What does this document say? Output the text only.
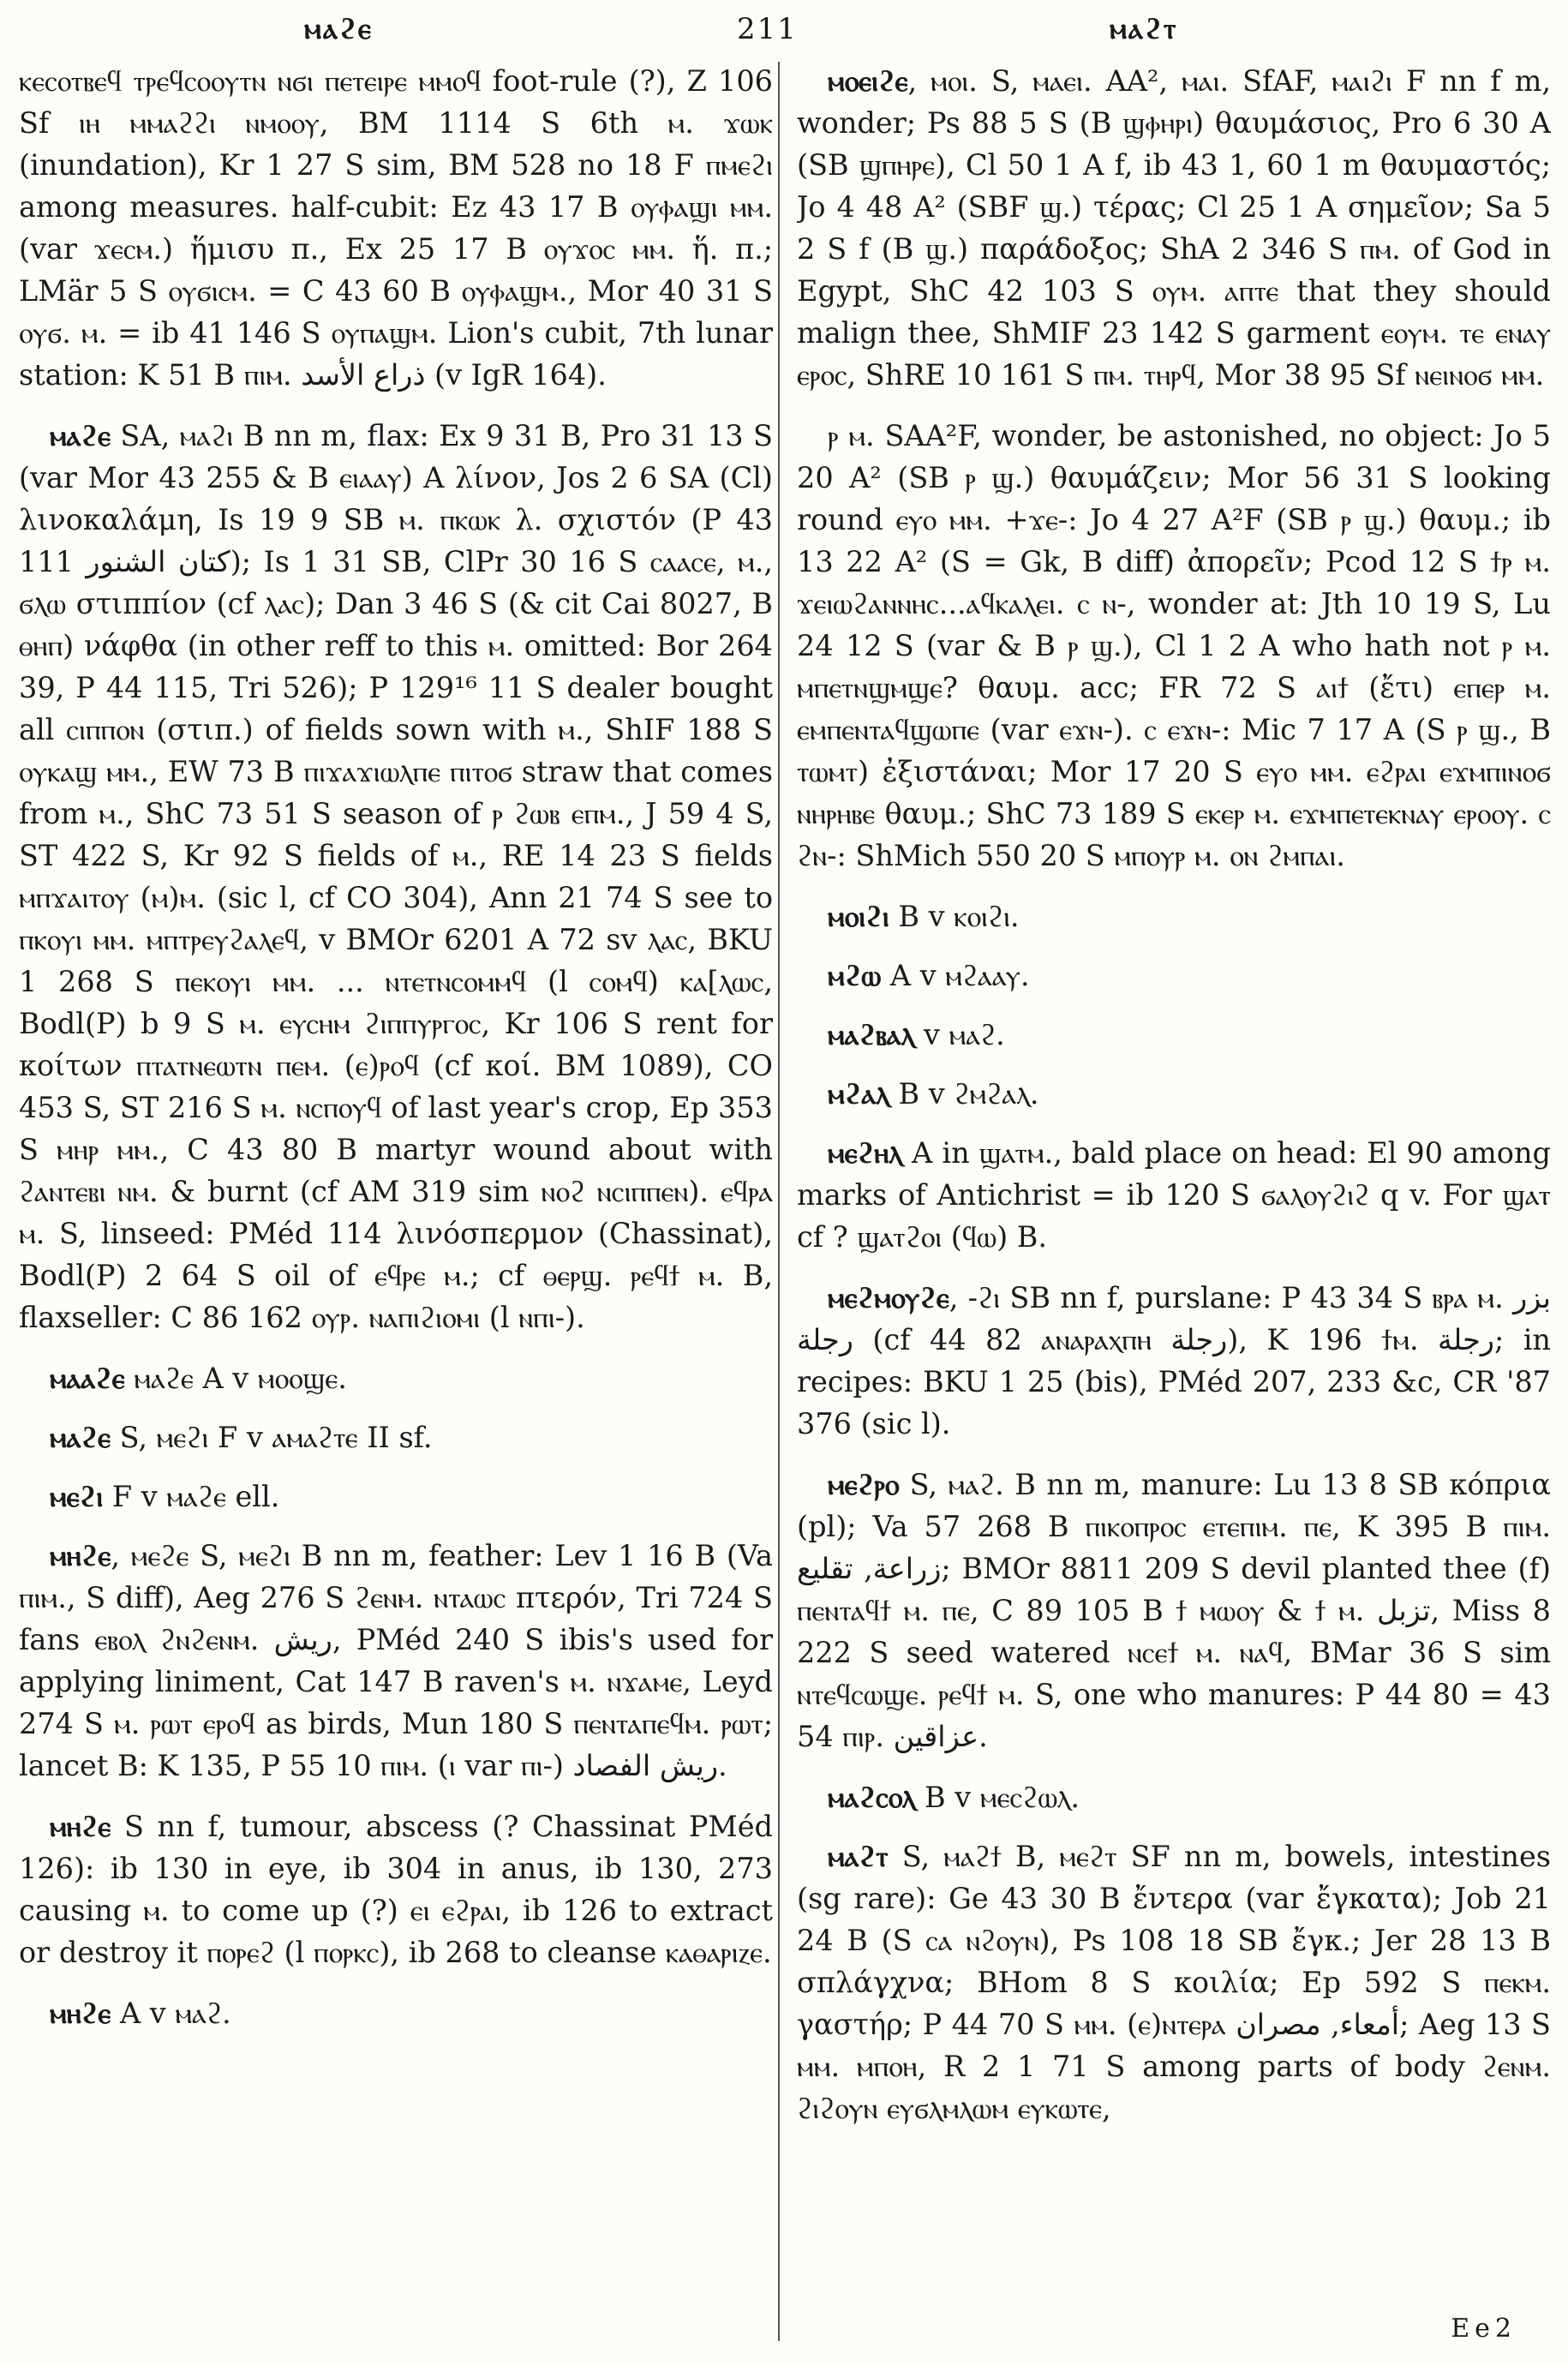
ⲙⲁϩⲉ	211	ⲙⲁϩⲧ

ⲕⲉⲥⲟⲧⲃⲉϥ ⲧⲣⲉϥⲥⲟⲟⲩⲧⲛ ⲛϭⲓ ⲡⲉⲧⲉⲓⲣⲉ ⲙⲙⲟϥ foot-rule (?), Z 106 Sf ⲓⲏ ⲙⲙⲁϩϩⲓ ⲛⲙⲟⲟⲩ, BM 1114 S 6th ⲙ. ϫⲱⲕ (inundation), Kr 1 27 S sim, BM 528 no 18 F ⲡⲙⲉϩⲓ among measures. half-cubit: Ez 43 17 B ⲟⲩⲫⲁϣⲓ ⲙⲙ. (var ϫⲉⲥⲙ.) ἥμισυ π., Ex 25 17 B ⲟⲩϫⲟⲥ ⲙⲙ. ἥ. π.; LMär 5 S ⲟⲩϭⲓⲥⲙ. = C 43 60 B ⲟⲩⲫⲁϣⲙ., Mor 40 31 S ⲟⲩϭ. ⲙ. = ib 41 146 S ⲟⲩⲡⲁϣⲙ. Lion's cubit, 7th lunar station: K 51 B ⲡⲓⲙ. ذراع الأسد (v IgR 164).

ⲙⲁϩⲉ SA, ⲙⲁϩⲓ B nn m, flax: Ex 9 31 B, Pro 31 13 S (var Mor 43 255 & B ⲉⲓⲁⲁⲩ) A λίνον, Jos 2 6 SA (Cl) λινοκαλάμη, Is 19 9 SB ⲙ. ⲡⲕⲱⲕ λ. σχιστόν (P 43 111 كتان الشنور); Is 1 31 SB, ClPr 30 16 S ⲥⲁⲁⲥⲉ, ⲙ., ϭⲗⲱ στιππίον (cf ⲗⲁⲥ); Dan 3 46 S (& cit Cai 8027, B ⲑⲏⲡ) νάφθα (in other reff to this ⲙ. omitted: Bor 264 39, P 44 115, Tri 526); P 129¹⁶ 11 S dealer bought all ⲥⲓⲡⲡⲟⲛ (στιπ.) of fields sown with ⲙ., ShIF 188 S ⲟⲩⲕⲁϣ ⲙⲙ., EW 73 B ⲡⲓϫⲁϫⲓⲱⲗⲡⲉ ⲡⲓⲧⲟϭ straw that comes from ⲙ., ShC 73 51 S season of ⲣ ϩⲱⲃ ⲉⲡⲙ., J 59 4 S, ST 422 S, Kr 92 S fields of ⲙ., RE 14 23 S fields ⲙⲡϫⲁⲓⲧⲟⲩ (ⲙ)ⲙ. (sic l, cf CO 304), Ann 21 74 S see to ⲡⲕⲟⲩⲓ ⲙⲙ. ⲙⲡⲧⲣⲉⲩϩⲁⲗⲉϥ, v BMOr 6201 A 72 sv ⲗⲁⲥ, BKU 1 268 S ⲡⲉⲕⲟⲩⲓ ⲙⲙ. ... ⲛⲧⲉⲧⲛⲥⲟⲙⲙϥ (l ⲥⲟⲙϥ) ⲕⲁ[ⲗⲱⲥ, Bodl(P) b 9 S ⲙ. ⲉⲩⲥⲏⲙ ϩⲓⲡⲡⲩⲣⲅⲟⲥ, Kr 106 S rent for κοίτων ⲡⲧⲁⲧⲛⲉⲱⲧⲛ ⲡⲉⲙ. (ⲉ)ⲣⲟϥ (cf κοί. BM 1089), CO 453 S, ST 216 S ⲙ. ⲛⲥⲡⲟⲩϥ of last year's crop, Ep 353 S ⲙⲏⲣ ⲙⲙ., C 43 80 B martyr wound about with ϩⲁⲛⲧⲉⲃⲓ ⲛⲙ. & burnt (cf AM 319 sim ⲛⲟϩ ⲛⲥⲓⲡⲡⲉⲛ). ⲉϥⲣⲁ ⲙ. S, linseed: PMéd 114 λινόσπερμον (Chassinat), Bodl(P) 2 64 S oil of ⲉϥⲣⲉ ⲙ.; cf ⲑⲉⲣϣ. ⲣⲉϥϯ ⲙ. B, flaxseller: C 86 162 ⲟⲩⲣ. ⲛⲁⲡⲓϩⲓⲟⲙⲓ (l ⲛⲡⲓ-).

ⲙⲁⲁϩⲉ ⲙⲁϩⲉ A v ⲙⲟⲟϣⲉ.

ⲙⲁϩⲉ S, ⲙⲉϩⲓ F v ⲁⲙⲁϩⲧⲉ II sf.

ⲙⲉϩⲓ F v ⲙⲁϩⲉ ell.

ⲙⲏϩⲉ, ⲙⲉϩⲉ S, ⲙⲉϩⲓ B nn m, feather: Lev 1 16 B (Va ⲡⲓⲙ., S diff), Aeg 276 S ϩⲉⲛⲙ. ⲛⲧⲁⲱⲥ πτερόν, Tri 724 S fans ⲉⲃⲟⲗ ϩⲛϩⲉⲛⲙ. ريش, PMéd 240 S ibis's used for applying liniment, Cat 147 B raven's ⲙ. ⲛϫⲁⲙⲉ, Leyd 274 S ⲙ. ⲣⲱⲧ ⲉⲣⲟϥ as birds, Mun 180 S ⲡⲉⲛⲧⲁⲡⲉϥⲙ. ⲣⲱⲧ; lancet B: K 135, P 55 10 ⲡⲓⲙ. (ⲓ var ⲡⲓ-) ريش الفصاد.

ⲙⲏϩⲉ S nn f, tumour, abscess (? Chassinat PMéd 126): ib 130 in eye, ib 304 in anus, ib 130, 273 causing ⲙ. to come up (?) ⲉⲓ ⲉϩⲣⲁⲓ, ib 126 to extract or destroy it ⲡⲟⲣⲉϩ (l ⲡⲟⲣⲕⲥ), ib 268 to cleanse ⲕⲁⲑⲁⲣⲓⲍⲉ.

ⲙⲏϩⲉ A v ⲙⲁϩ.

ⲙⲟⲉⲓϩⲉ, ⲙⲟⲓ. S, ⲙⲁⲉⲓ. AA², ⲙⲁⲓ. SfAF, ⲙⲁⲓϩⲓ F nn f m, wonder; Ps 88 5 S (B ϣⲫⲏⲣⲓ) θαυμάσιος, Pro 6 30 A (SB ϣⲡⲏⲣⲉ), Cl 50 1 A f, ib 43 1, 60 1 m θαυμαστός; Jo 4 48 A² (SBF ϣ.) τέρας; Cl 25 1 A σημεῖον; Sa 5 2 S f (B ϣ.) παράδοξος; ShA 2 346 S ⲡⲙ. of God in Egypt, ShC 42 103 S ⲟⲩⲙ. ⲁⲡⲧⲉ that they should malign thee, ShMIF 23 142 S garment ⲉⲟⲩⲙ. ⲧⲉ ⲉⲛⲁⲩ ⲉⲣⲟⲥ, ShRE 10 161 S ⲡⲙ. ⲧⲏⲣϥ, Mor 38 95 Sf ⲛⲉⲓⲛⲟϭ ⲙⲙ.

ⲣ ⲙ. SAA²F, wonder, be astonished, no object: Jo 5 20 A² (SB ⲣ ϣ.) θαυμάζειν; Mor 56 31 S looking round ⲉⲩⲟ ⲙⲙ. +ϫⲉ-: Jo 4 27 A²F (SB ⲣ ϣ.) θαυμ.; ib 13 22 A² (S = Gk, B diff) ἀπορεῖν; Pcod 12 S ϯⲣ ⲙ. ϫⲉⲓⲱϩⲁⲛⲛⲏⲥ...ⲁϥⲕⲁⲗⲉⲓ. ⲥ ⲛ-, wonder at: Jth 10 19 S, Lu 24 12 S (var & B ⲣ ϣ.), Cl 1 2 A who hath not ⲣ ⲙ. ⲙⲡⲉⲧⲛϣⲙϣⲉ? θαυμ. acc; FR 72 S ⲁⲓϯ (ἔτι) ⲉⲡⲉⲣ ⲙ. ⲉⲙⲡⲉⲛⲧⲁϥϣⲱⲡⲉ (var ⲉϫⲛ-). ⲥ ⲉϫⲛ-: Mic 7 17 A (S ⲣ ϣ., B ⲧⲱⲙⲧ) ἐξιστάναι; Mor 17 20 S ⲉⲩⲟ ⲙⲙ. ⲉϩⲣⲁⲓ ⲉϫⲙⲡⲓⲛⲟϭ ⲛⲏⲣⲏⲃⲉ θαυμ.; ShC 73 189 S ⲉⲕⲉⲣ ⲙ. ⲉϫⲙⲡⲉⲧⲉⲕⲛⲁⲩ ⲉⲣⲟⲟⲩ. ⲥ ϩⲛ-: ShMich 550 20 S ⲙⲡⲟⲩⲣ ⲙ. ⲟⲛ ϩⲙⲡⲁⲓ.

ⲙⲟⲓϩⲓ B v ⲕⲟⲓϩⲓ.

ⲙϩⲱ A v ⲙϩⲁⲁⲩ.

ⲙⲁϩⲃⲁⲗ v ⲙⲁϩ.

ⲙϩⲁⲗ B v ϩⲙϩⲁⲗ.

ⲙⲉϩⲏⲗ A in ϣⲁⲧⲙ., bald place on head: El 90 among marks of Antichrist = ib 120 S ϭⲁⲗⲟⲩϩⲓϩ q v. For ϣⲁⲧ cf ? ϣⲁⲧϩⲟⲓ (ϥⲱ) B.

ⲙⲉϩⲙⲟⲩϩⲉ, -ϩⲓ SB nn f, purslane: P 43 34 S ⲃⲣⲁ ⲙ. بزر رجلة (cf 44 82 ⲁⲛⲁⲣⲁⲭⲡⲏ رجلة), K 196 ϯⲙ. رجلة; in recipes: BKU 1 25 (bis), PMéd 207, 233 &c, CR '87 376 (sic l).

ⲙⲉϩⲣⲟ S, ⲙⲁϩ. B nn m, manure: Lu 13 8 SB κόπρια (pl); Va 57 268 B ⲡⲓⲕⲟⲡⲣⲟⲥ ⲉⲧⲉⲡⲓⲙ. ⲡⲉ, K 395 B ⲡⲓⲙ. زراعة, تقليع; BMOr 8811 209 S devil planted thee (f) ⲡⲉⲛⲧⲁϥϯ ⲙ. ⲡⲉ, C 89 105 B ϯ ⲙⲱⲟⲩ & ϯ ⲙ. تزبل, Miss 8 222 S seed watered ⲛⲥⲉϯ ⲙ. ⲛⲁϥ, BMar 36 S sim ⲛⲧⲉϥⲥⲱϣⲉ. ⲣⲉϥϯ ⲙ. S, one who manures: P 44 80 = 43 54 ⲡⲓⲣ. عزاقين.

ⲙⲁϩⲥⲟⲗ B v ⲙⲉⲥϩⲱⲗ.

ⲙⲁϩⲧ S, ⲙⲁϩϯ B, ⲙⲉϩⲧ SF nn m, bowels, intestines (sg rare): Ge 43 30 B ἔντερα (var ἔγκατα); Job 21 24 B (S ⲥⲁ ⲛϩⲟⲩⲛ), Ps 108 18 SB ἔγκ.; Jer 28 13 B σπλάγχνα; BHom 8 S κοιλία; Ep 592 S ⲡⲉⲕⲙ. γαστήρ; P 44 70 S ⲙⲙ. (ⲉ)ⲛⲧⲉⲣⲁ أمعاء, مصران; Aeg 13 S ⲙⲙ. ⲙⲡⲟⲏ, R 2 1 71 S among parts of body ϩⲉⲛⲙ. ϩⲓϩⲟⲩⲛ ⲉⲩϭⲗⲙⲗⲱⲙ ⲉⲩⲕⲱⲧⲉ,

Ee2
